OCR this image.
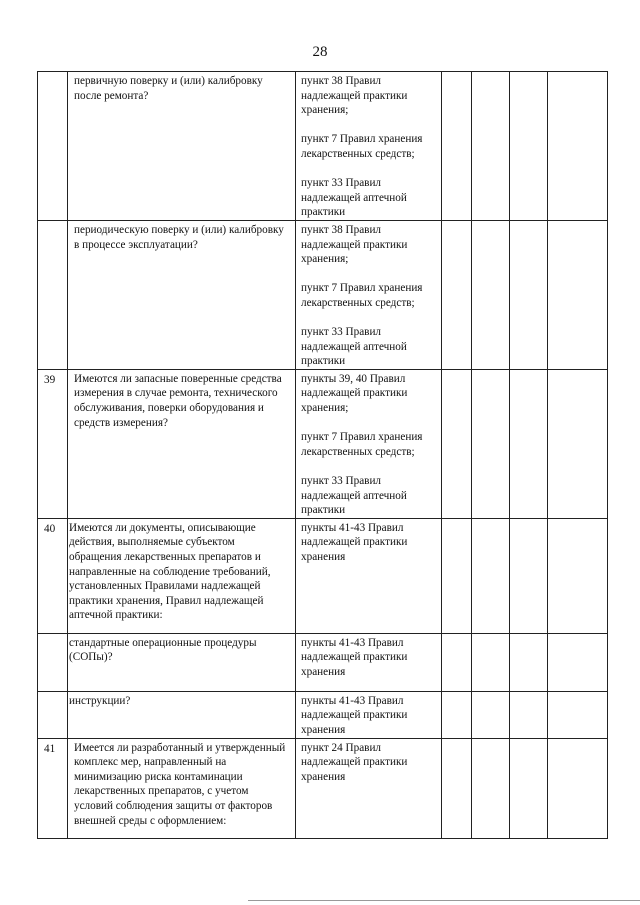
28

	первичную поверку и (или) калибровку после ремонта?	пункт 38 Правил надлежащей практики хранения;
пункт 7 Правил хранения лекарственных средств;
пункт 33 Правил надлежащей аптечной практики				

	периодическую поверку и (или) калибровку в процессе эксплуатации?	пункт 38 Правил надлежащей практики хранения;
пункт 7 Правил хранения лекарственных средств;
пункт 33 Правил надлежащей аптечной практики				

39	Имеются ли запасные поверенные средства измерения в случае ремонта, технического обслуживания, поверки оборудования и средств измерения?	пункты 39, 40 Правил надлежащей практики хранения;
пункт 7 Правил хранения лекарственных средств;
пункт 33 Правил надлежащей аптечной практики				

40	Имеются ли документы, описывающие действия, выполняемые субъектом обращения лекарственных препаратов и направленные на соблюдение требований, установленных Правилами надлежащей практики хранения, Правил надлежащей аптечной практики:	пункты 41-43 Правил надлежащей практики хранения				

	стандартные операционные процедуры (СОПы)?	пункты 41-43 Правил надлежащей практики хранения				

	инструкции?	пункты 41-43 Правил надлежащей практики хранения				

41	Имеется ли разработанный и утвержденный комплекс мер, направленный на минимизацию риска контаминации лекарственных препаратов, с учетом условий соблюдения защиты от факторов внешней среды с оформлением:	пункт 24 Правил надлежащей практики хранения				
